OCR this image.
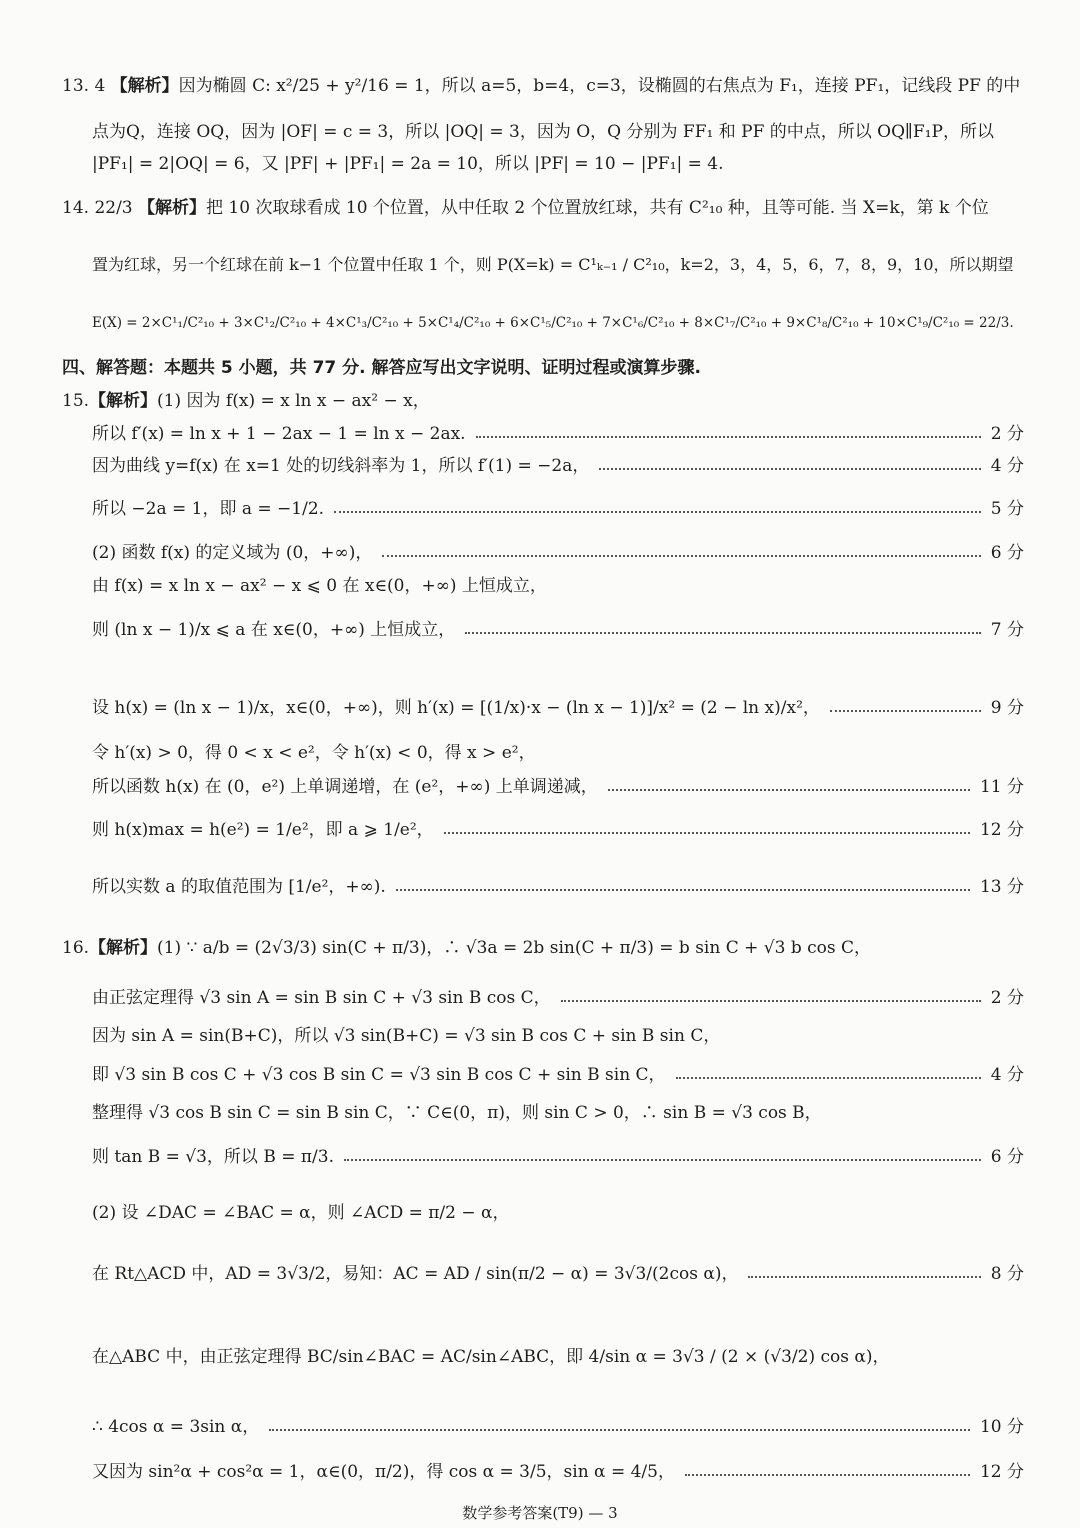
13. 4 【解析】因为椭圆 C: x²/25 + y²/16 = 1，所以 a=5，b=4，c=3，设椭圆的右焦点为 F₁，连接 PF₁，记线段 PF 的中
点为Q，连接 OQ，因为 |OF| = c = 3，所以 |OQ| = 3，因为 O，Q 分别为 FF₁ 和 PF 的中点，所以 OQ∥F₁P，所以
|PF₁| = 2|OQ| = 6，又 |PF| + |PF₁| = 2a = 10，所以 |PF| = 10 − |PF₁| = 4.
14. 22/3 【解析】把 10 次取球看成 10 个位置，从中任取 2 个位置放红球，共有 C²₁₀ 种，且等可能. 当 X=k，第 k 个位
置为红球，另一个红球在前 k−1 个位置中任取 1 个，则 P(X=k) = C¹ₖ₋₁ / C²₁₀，k=2，3，4，5，6，7，8，9，10，所以期望
E(X) = 2×C¹₁/C²₁₀ + 3×C¹₂/C²₁₀ + 4×C¹₃/C²₁₀ + 5×C¹₄/C²₁₀ + 6×C¹₅/C²₁₀ + 7×C¹₆/C²₁₀ + 8×C¹₇/C²₁₀ + 9×C¹₈/C²₁₀ + 10×C¹₉/C²₁₀ = 22/3.
四、解答题：本题共 5 小题，共 77 分. 解答应写出文字说明、证明过程或演算步骤.
15.【解析】(1) 因为 f(x) = x ln x − ax² − x，
所以 f′(x) = ln x + 1 − 2ax − 1 = ln x − 2ax.	2 分
因为曲线 y=f(x) 在 x=1 处的切线斜率为 1，所以 f′(1) = −2a，	4 分
所以 −2a = 1，即 a = −1/2.	5 分
(2) 函数 f(x) 的定义域为 (0，+∞)，	6 分
由 f(x) = x ln x − ax² − x ⩽ 0 在 x∈(0，+∞) 上恒成立，
则 (ln x − 1)/x ⩽ a 在 x∈(0，+∞) 上恒成立，	7 分
设 h(x) = (ln x − 1)/x，x∈(0，+∞)，则 h′(x) = [(1/x)·x − (ln x − 1)]/x² = (2 − ln x)/x²，	9 分
令 h′(x) > 0，得 0 < x < e²，令 h′(x) < 0，得 x > e²，
所以函数 h(x) 在 (0，e²) 上单调递增，在 (e²，+∞) 上单调递减，	11 分
则 h(x)max = h(e²) = 1/e²，即 a ⩾ 1/e²，	12 分
所以实数 a 的取值范围为 [1/e²，+∞).	13 分
16.【解析】(1) ∵ a/b = (2√3/3) sin(C + π/3)，∴ √3a = 2b sin(C + π/3) = b sin C + √3 b cos C，
由正弦定理得 √3 sin A = sin B sin C + √3 sin B cos C，	2 分
因为 sin A = sin(B+C)，所以 √3 sin(B+C) = √3 sin B cos C + sin B sin C，
即 √3 sin B cos C + √3 cos B sin C = √3 sin B cos C + sin B sin C，	4 分
整理得 √3 cos B sin C = sin B sin C，∵ C∈(0，π)，则 sin C > 0，∴ sin B = √3 cos B，
则 tan B = √3，所以 B = π/3.	6 分
(2) 设 ∠DAC = ∠BAC = α，则 ∠ACD = π/2 − α，
在 Rt△ACD 中，AD = 3√3/2，易知：AC = AD / sin(π/2 − α) = 3√3/(2cos α)，	8 分
在△ABC 中，由正弦定理得 BC/sin∠BAC = AC/sin∠ABC，即 4/sin α = 3√3 / (2 × (√3/2) cos α)，
∴ 4cos α = 3sin α，	10 分
又因为 sin²α + cos²α = 1，α∈(0，π/2)，得 cos α = 3/5，sin α = 4/5，	12 分
数学参考答案(T9) — 3
